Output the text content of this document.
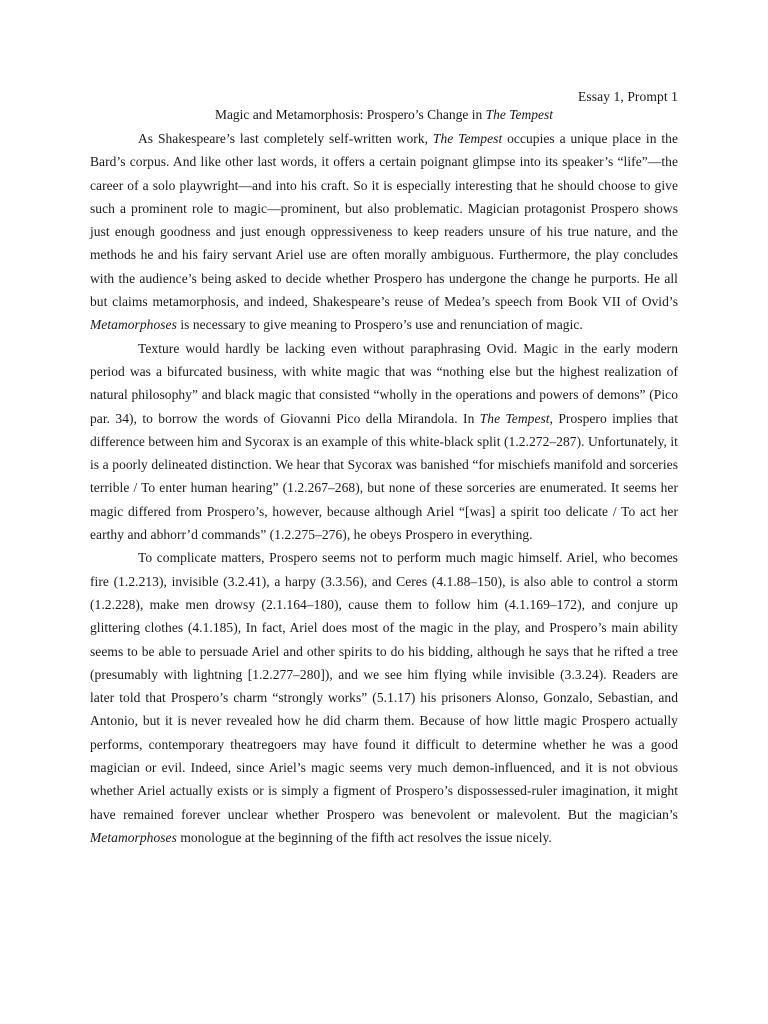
Essay 1, Prompt 1
Magic and Metamorphosis: Prospero’s Change in The Tempest

As Shakespeare’s last completely self-written work, The Tempest occupies a unique place in the Bard’s corpus. And like other last words, it offers a certain poignant glimpse into its speaker’s “life”—the career of a solo playwright—and into his craft. So it is especially interesting that he should choose to give such a prominent role to magic—prominent, but also problematic. Magician protagonist Prospero shows just enough goodness and just enough oppressiveness to keep readers unsure of his true nature, and the methods he and his fairy servant Ariel use are often morally ambiguous. Furthermore, the play concludes with the audience’s being asked to decide whether Prospero has undergone the change he purports. He all but claims metamorphosis, and indeed, Shakespeare’s reuse of Medea’s speech from Book VII of Ovid’s Metamorphoses is necessary to give meaning to Prospero’s use and renunciation of magic.

Texture would hardly be lacking even without paraphrasing Ovid. Magic in the early modern period was a bifurcated business, with white magic that was “nothing else but the highest realization of natural philosophy” and black magic that consisted “wholly in the operations and powers of demons” (Pico par. 34), to borrow the words of Giovanni Pico della Mirandola. In The Tempest, Prospero implies that difference between him and Sycorax is an example of this white-black split (1.2.272–287). Unfortunately, it is a poorly delineated distinction. We hear that Sycorax was banished “for mischiefs manifold and sorceries terrible / To enter human hearing” (1.2.267–268), but none of these sorceries are enumerated. It seems her magic differed from Prospero’s, however, because although Ariel “[was] a spirit too delicate / To act her earthy and abhorr’d commands” (1.2.275–276), he obeys Prospero in everything.

To complicate matters, Prospero seems not to perform much magic himself. Ariel, who becomes fire (1.2.213), invisible (3.2.41), a harpy (3.3.56), and Ceres (4.1.88–150), is also able to control a storm (1.2.228), make men drowsy (2.1.164–180), cause them to follow him (4.1.169–172), and conjure up glittering clothes (4.1.185), In fact, Ariel does most of the magic in the play, and Prospero’s main ability seems to be able to persuade Ariel and other spirits to do his bidding, although he says that he rifted a tree (presumably with lightning [1.2.277–280]), and we see him flying while invisible (3.3.24). Readers are later told that Prospero’s charm “strongly works” (5.1.17) his prisoners Alonso, Gonzalo, Sebastian, and Antonio, but it is never revealed how he did charm them. Because of how little magic Prospero actually performs, contemporary theatregoers may have found it difficult to determine whether he was a good magician or evil. Indeed, since Ariel’s magic seems very much demon-influenced, and it is not obvious whether Ariel actually exists or is simply a figment of Prospero’s dispossessed-ruler imagination, it might have remained forever unclear whether Prospero was benevolent or malevolent. But the magician’s Metamorphoses monologue at the beginning of the fifth act resolves the issue nicely.
